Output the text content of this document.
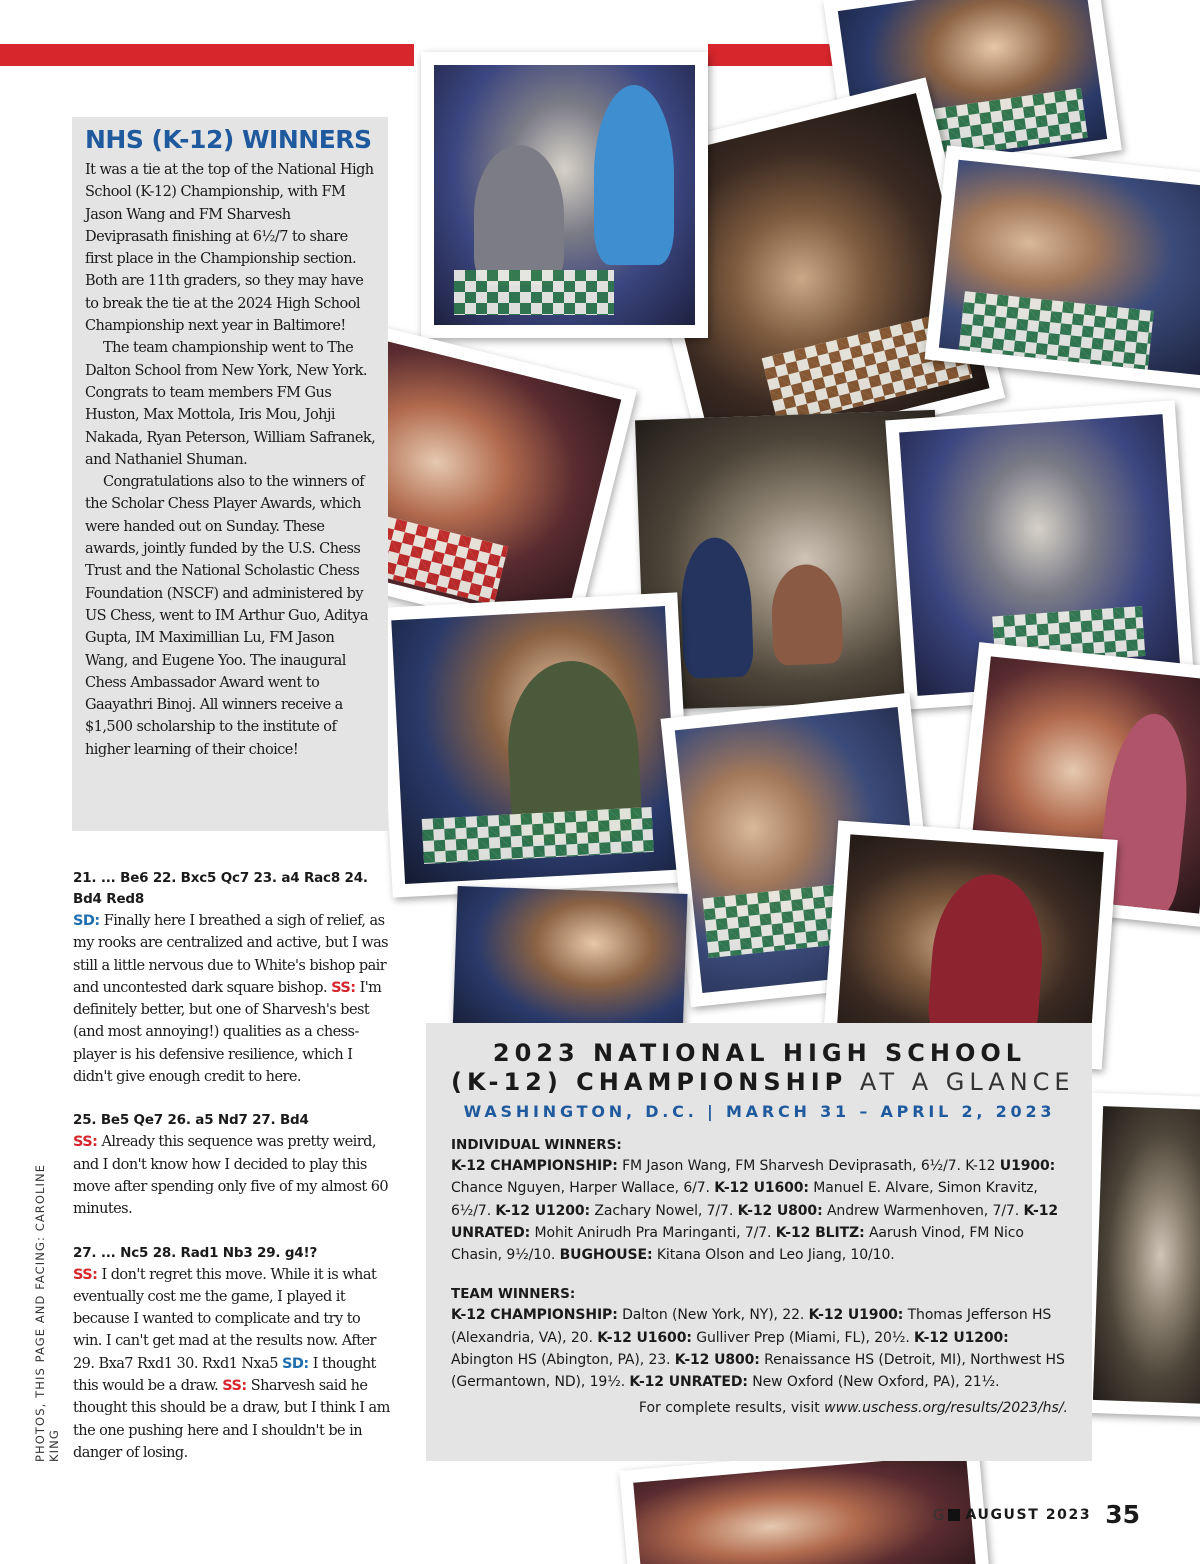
NHS (K-12) WINNERS

It was a tie at the top of the National High School (K-12) Championship, with FM Jason Wang and FM Sharvesh Deviprasath finishing at 6½/7 to share first place in the Championship section. Both are 11th graders, so they may have to break the tie at the 2024 High School Championship next year in Baltimore!

The team championship went to The Dalton School from New York, New York. Congrats to team members FM Gus Huston, Max Mottola, Iris Mou, Johji Nakada, Ryan Peterson, William Safranek, and Nathaniel Shuman.

Congratulations also to the winners of the Scholar Chess Player Awards, which were handed out on Sunday. These awards, jointly funded by the U.S. Chess Trust and the National Scholastic Chess Foundation (NSCF) and administered by US Chess, went to IM Arthur Guo, Aditya Gupta, IM Maximillian Lu, FM Jason Wang, and Eugene Yoo. The inaugural Chess Ambassador Award went to Gaayathri Binoj. All winners receive a $1,500 scholarship to the institute of higher learning of their choice!

21. ... Be6 22. Bxc5 Qc7 23. a4 Rac8 24. Bd4 Red8

SD: Finally here I breathed a sigh of relief, as my rooks are centralized and active, but I was still a little nervous due to White's bishop pair and uncontested dark square bishop. SS: I'm definitely better, but one of Sharvesh's best (and most annoying!) qualities as a chess-player is his defensive resilience, which I didn't give enough credit to here.

25. Be5 Qe7 26. a5 Nd7 27. Bd4

SS: Already this sequence was pretty weird, and I don't know how I decided to play this move after spending only five of my almost 60 minutes.

27. ... Nc5 28. Rad1 Nb3 29. g4!?

SS: I don't regret this move. While it is what eventually cost me the game, I played it because I wanted to complicate and try to win. I can't get mad at the results now. After 29. Bxa7 Rxd1 30. Rxd1 Nxa5 SD: I thought this would be a draw. SS: Sharvesh said he thought this should be a draw, but I think I am the one pushing here and I shouldn't be in danger of losing.

PHOTOS, THIS PAGE AND FACING: CAROLINE KING
2023 NATIONAL HIGH SCHOOL
(K-12) CHAMPIONSHIP AT A GLANCE
WASHINGTON, D.C. | MARCH 31 – APRIL 2, 2023
INDIVIDUAL WINNERS:

K-12 CHAMPIONSHIP: FM Jason Wang, FM Sharvesh Deviprasath, 6½/7. K-12 U1900: Chance Nguyen, Harper Wallace, 6/7. K-12 U1600: Manuel E. Alvare, Simon Kravitz, 6½/7. K-12 U1200: Zachary Nowel, 7/7. K-12 U800: Andrew Warmenhoven, 7/7. K-12 UNRATED: Mohit Anirudh Pra Maringanti, 7/7. K-12 BLITZ: Aarush Vinod, FM Nico Chasin, 9½/10. BUGHOUSE: Kitana Olson and Leo Jiang, 10/10.

TEAM WINNERS:

K-12 CHAMPIONSHIP: Dalton (New York, NY), 22. K-12 U1900: Thomas Jefferson HS (Alexandria, VA), 20. K-12 U1600: Gulliver Prep (Miami, FL), 20½. K-12 U1200: Abington HS (Abington, PA), 23. K-12 U800: Renaissance HS (Detroit, MI), Northwest HS (Germantown, ND), 19½. K-12 UNRATED: New Oxford (New Oxford, PA), 21½.

For complete results, visit www.uschess.org/results/2023/hs/.

G AUGUST 2023 35
